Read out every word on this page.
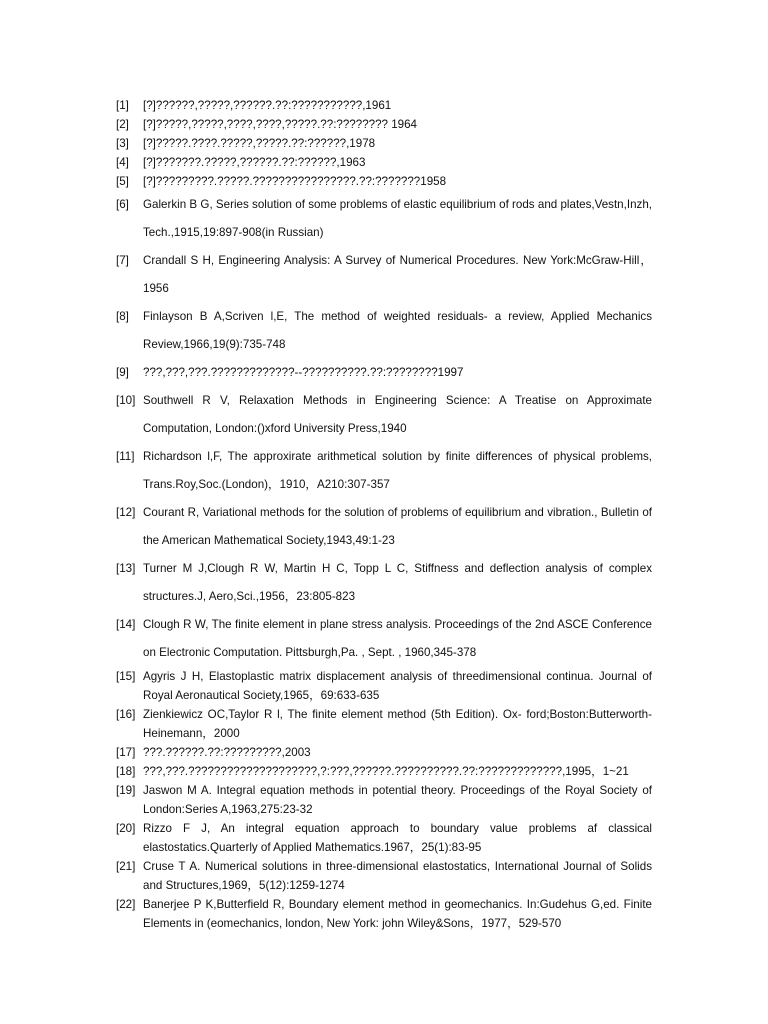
[1]	[?]??????,?????,??????.??:???????????,1961
[2]	[?]?????,?????,????,????,?????.??:???????? 1964
[3]	[?]?????.????.?????,?????.??:??????,1978
[4]	[?]???????.?????,??????.??:??????,1963
[5]	[?]?????????.?????.????????????????.??:???????1958
[6]	Galerkin B G, Series solution of some problems of elastic equilibrium of rods and plates,Vestn,Inzh, Tech.,1915,19:897-908(in Russian)
[7]	Crandall S H, Engineering Analysis: A Survey of Numerical Procedures. New York:McGraw-Hill，1956
[8]	Finlayson B A,Scriven l,E, The method of weighted residuals- a review, Applied Mechanics Review,1966,19(9):735-748
[9]	???,???,???.?????????????--??????????.??:????????1997
[10] Southwell R V, Relaxation Methods in Engineering Science: A Treatise on Approximate Computation, London:()xford University Press,1940
[11] Richardson l,F, The approxirate arithmetical solution by finite differences of physical problems, Trans.Roy,Soc.(London)，1910，A210:307-357
[12] Courant R, Variational methods for the solution of problems of equilibrium and vibration., Bulletin of the American Mathematical Society,1943,49:1-23
[13] Turner M J,Clough R W, Martin H C, Topp L C, Stiffness and deflection analysis of complex structures.J, Aero,Sci.,1956，23:805-823
[14] Clough R W, The finite element in plane stress analysis. Proceedings of the 2nd ASCE Conference on Electronic Computation. Pittsburgh,Pa. , Sept. , 1960,345-378
[15] Agyris J H, Elastoplastic matrix displacement analysis of threedimensional continua. Journal of Royal Aeronautical Society,1965，69:633-635
[16] Zienkiewicz OC,Taylor R l, The finite element method (5th Edition). Ox- ford;Boston:Butterworth-Heinemann，2000
[17] ???.??????.??:?????????,2003
[18] ???,???.????????????????????,?:???,??????.??????????.??:?????????????,1995，1~21
[19] Jaswon M A. Integral equation methods in potential theory. Proceedings of the Royal Society of London:Series A,1963,275:23-32
[20] Rizzo F J, An integral equation approach to boundary value problems af classical elastostatics.Quarterly of Applied Mathematics.1967，25(1):83-95
[21] Cruse T A. Numerical solutions in three-dimensional elastostatics, International Journal of Solids and Structures,1969，5(12):1259-1274
[22] Banerjee P K,Butterfield R, Boundary element method in geomechanics. In:Gudehus G,ed. Finite Elements in (eomechanics, london, New York: john Wiley&Sons，1977，529-570
